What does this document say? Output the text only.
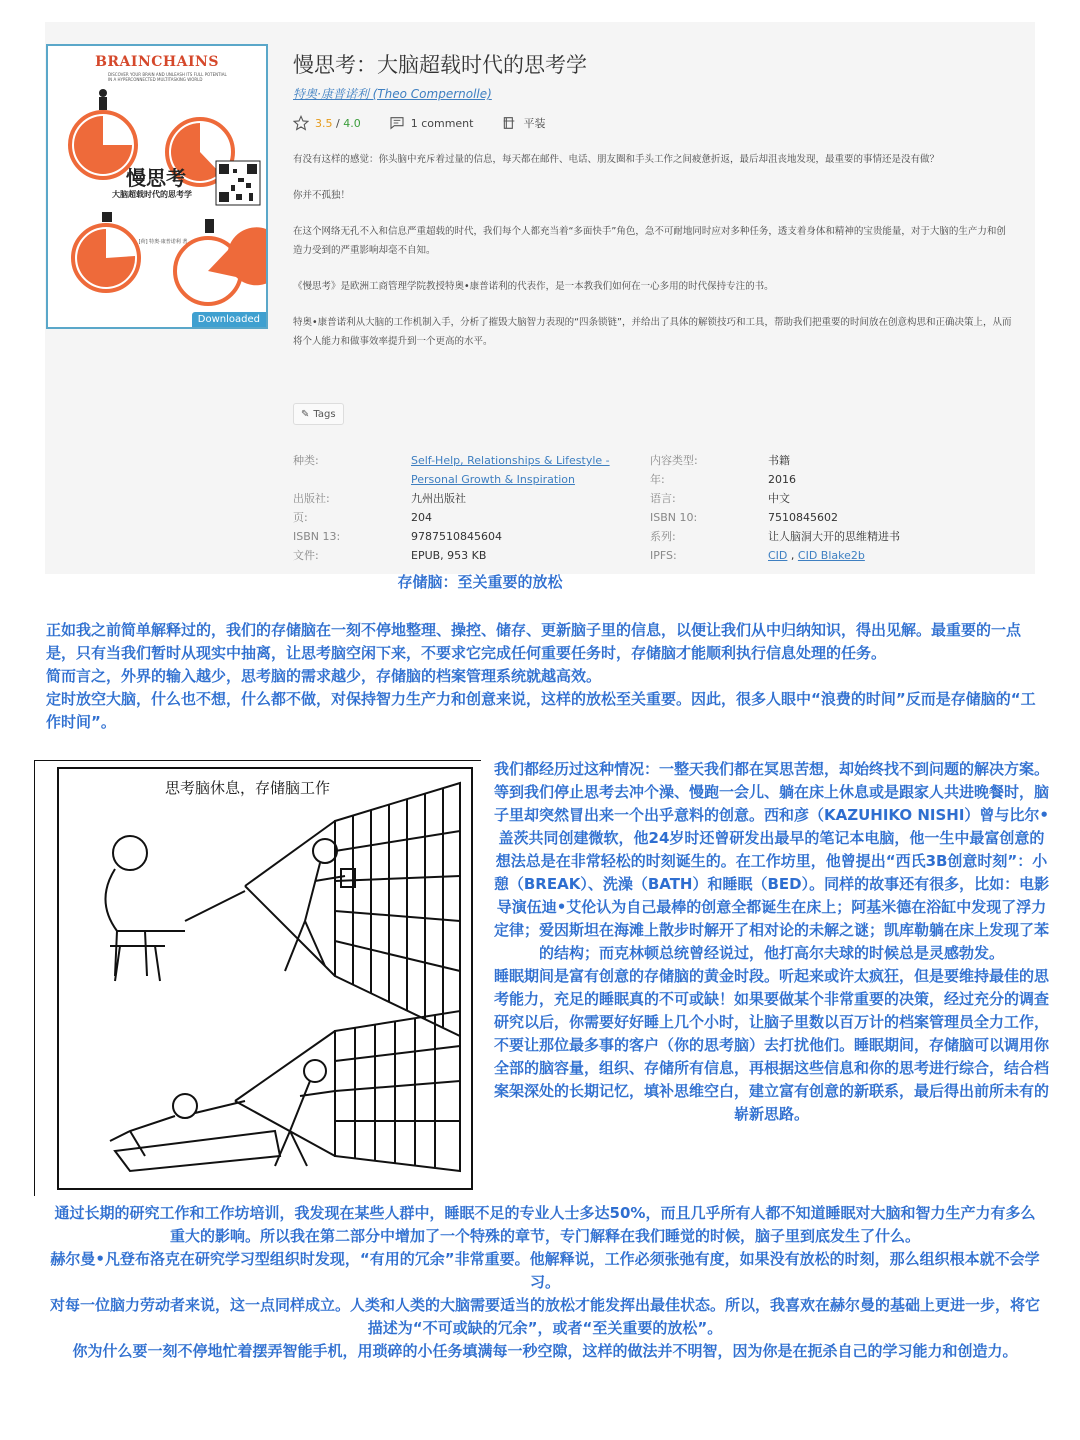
BRAINCHAINS
DISCOVER YOUR BRAIN AND UNLEASH ITS FULL POTENTIAL IN A HYPERCONNECTED MULTITASKING WORLD
慢思考
大脑超载时代的思考学
[荷] 特奥·康普诺利 著
Downloaded
慢思考：大脑超载时代的思考学
特奥·康普诺利 (Theo Compernolle)
3.5 / 4.0	1 comment	平装

有没有这样的感觉：你头脑中充斥着过量的信息，每天都在邮件、电话、朋友圈和手头工作之间疲惫折返，最后却沮丧地发现，最重要的事情还是没有做？

你并不孤独！

在这个网络无孔不入和信息严重超载的时代，我们每个人都充当着“多面快手”角色，急不可耐地同时应对多种任务，透支着身体和精神的宝贵能量，对于大脑的生产力和创造力受到的严重影响却毫不自知。

《慢思考》是欧洲工商管理学院教授特奥•康普诺利的代表作，是一本教我们如何在一心多用的时代保持专注的书。

特奥•康普诺利从大脑的工作机制入手，分析了摧毁大脑智力表现的“四条锁链”，并给出了具体的解锁技巧和工具，帮助我们把重要的时间放在创意构思和正确决策上，从而将个人能力和做事效率提升到一个更高的水平。

✎ Tags
种类:	Self-Help, Relationships & Lifestyle -
Personal Growth & Inspiration
出版社:	九州出版社
页:	204
ISBN 13:	9787510845604
文件:	EPUB, 953 KB
内容类型:	书籍
年:	2016
语言:	中文
ISBN 10:	7510845602
系列:	让人脑洞大开的思维精进书
IPFS:	CID , CID Blake2b
存储脑：至关重要的放松

正如我之前简单解释过的，我们的存储脑在一刻不停地整理、操控、储存、更新脑子里的信息，以便让我们从中归纳知识，得出见解。最重要的一点是，只有当我们暂时从现实中抽离，让思考脑空闲下来，不要求它完成任何重要任务时，存储脑才能顺利执行信息处理的任务。

简而言之，外界的输入越少，思考脑的需求越少，存储脑的档案管理系统就越高效。

定时放空大脑，什么也不想，什么都不做，对保持智力生产力和创意来说，这样的放松至关重要。因此，很多人眼中“浪费的时间”反而是存储脑的“工作时间”。

思考脑休息，存储脑工作

我们都经历过这种情况：一整天我们都在冥思苦想，却始终找不到问题的解决方案。等到我们停止思考去冲个澡、慢跑一会儿、躺在床上休息或是跟家人共进晚餐时，脑子里却突然冒出来一个出乎意料的创意。西和彦（KAZUHIKO NISHI）曾与比尔•盖茨共同创建微软，他24岁时还曾研发出最早的笔记本电脑，他一生中最富创意的想法总是在非常轻松的时刻诞生的。在工作坊里，他曾提出“西氏3B创意时刻”：小憩（BREAK）、洗澡（BATH）和睡眠（BED）。同样的故事还有很多，比如：电影导演伍迪•艾伦认为自己最棒的创意全都诞生在床上；阿基米德在浴缸中发现了浮力定律；爱因斯坦在海滩上散步时解开了相对论的未解之谜；凯库勒躺在床上发现了苯的结构；而克林顿总统曾经说过，他打高尔夫球的时候总是灵感勃发。

睡眠期间是富有创意的存储脑的黄金时段。听起来或许太疯狂，但是要维持最佳的思考能力，充足的睡眠真的不可或缺！如果要做某个非常重要的决策，经过充分的调查研究以后，你需要好好睡上几个小时，让脑子里数以百万计的档案管理员全力工作，不要让那位最多事的客户（你的思考脑）去打扰他们。睡眠期间，存储脑可以调用你全部的脑容量，组织、存储所有信息，再根据这些信息和你的思考进行综合，结合档案架深处的长期记忆，填补思维空白，建立富有创意的新联系，最后得出前所未有的崭新思路。

通过长期的研究工作和工作坊培训，我发现在某些人群中，睡眠不足的专业人士多达50%，而且几乎所有人都不知道睡眠对大脑和智力生产力有多么重大的影响。所以我在第二部分中增加了一个特殊的章节，专门解释在我们睡觉的时候，脑子里到底发生了什么。

赫尔曼•凡登布洛克在研究学习型组织时发现，“有用的冗余”非常重要。他解释说，工作必须张弛有度，如果没有放松的时刻，那么组织根本就不会学习。

对每一位脑力劳动者来说，这一点同样成立。人类和人类的大脑需要适当的放松才能发挥出最佳状态。所以，我喜欢在赫尔曼的基础上更进一步，将它描述为“不可或缺的冗余”，或者“至关重要的放松”。

你为什么要一刻不停地忙着摆弄智能手机，用琐碎的小任务填满每一秒空隙，这样的做法并不明智，因为你是在扼杀自己的学习能力和创造力。
